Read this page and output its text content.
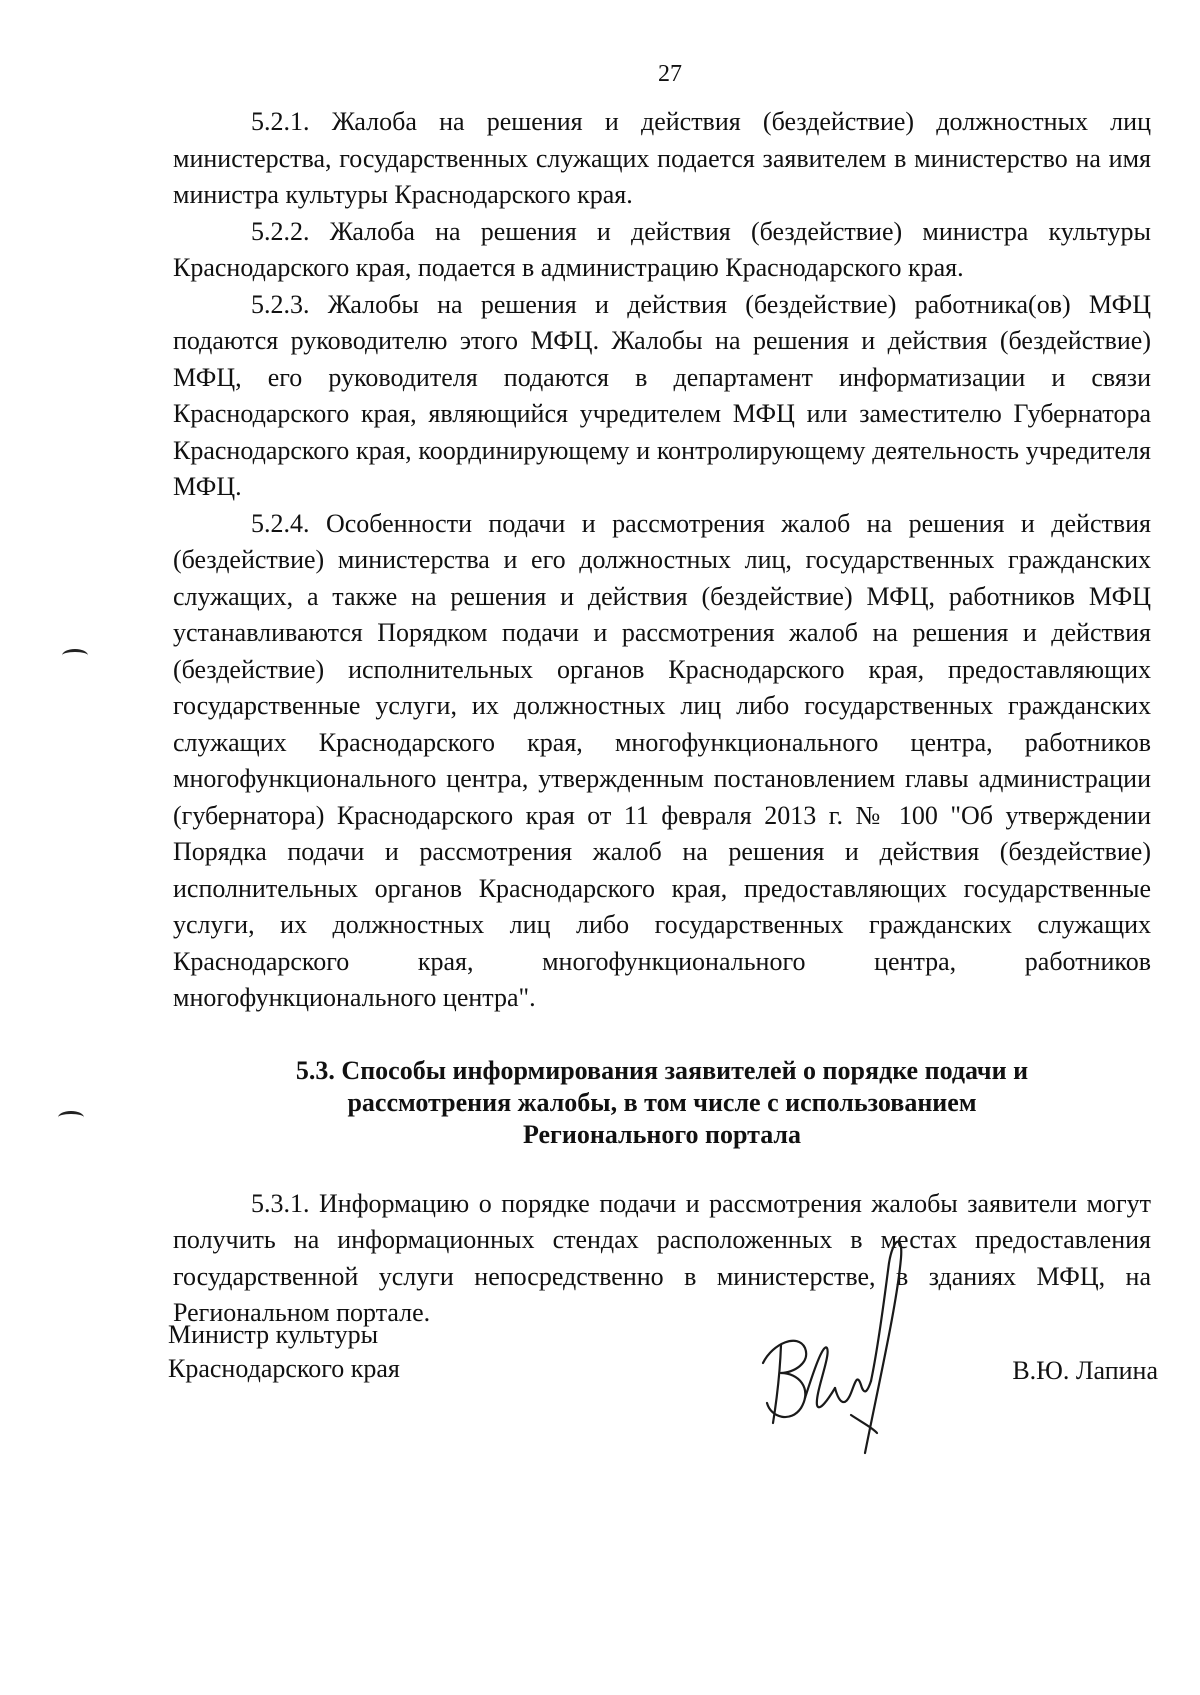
27

5.2.1. Жалоба на решения и действия (бездействие) должностных лиц министерства, государственных служащих подается заявителем в министерство на имя министра культуры Краснодарского края.

5.2.2. Жалоба на решения и действия (бездействие) министра культуры Краснодарского края, подается в администрацию Краснодарского края.

5.2.3. Жалобы на решения и действия (бездействие) работника(ов) МФЦ подаются руководителю этого МФЦ. Жалобы на решения и действия (бездействие) МФЦ, его руководителя подаются в департамент информатизации и связи Краснодарского края, являющийся учредителем МФЦ или заместителю Губернатора Краснодарского края, координирующему и контролирующему деятельность учредителя МФЦ.

5.2.4. Особенности подачи и рассмотрения жалоб на решения и действия (бездействие) министерства и его должностных лиц, государственных гражданских служащих, а также на решения и действия (бездействие) МФЦ, работников МФЦ устанавливаются Порядком подачи и рассмотрения жалоб на решения и действия (бездействие) исполнительных органов Краснодарского края, предоставляющих государственные услуги, их должностных лиц либо государственных гражданских служащих Краснодарского края, многофункционального центра, работников многофункционального центра, утвержденным постановлением главы администрации (губернатора) Краснодарского края от 11 февраля 2013 г. № 100 "Об утверждении Порядка подачи и рассмотрения жалоб на решения и действия (бездействие) исполнительных органов Краснодарского края, предоставляющих государственные услуги, их должностных лиц либо государственных гражданских служащих Краснодарского края, многофункционального центра, работников многофункционального центра".

5.3. Способы информирования заявителей о порядке подачи и
рассмотрения жалобы, в том числе с использованием
Регионального портала

5.3.1. Информацию о порядке подачи и рассмотрения жалобы заявители могут получить на информационных стендах расположенных в местах предоставления государственной услуги непосредственно в министерстве, в зданиях МФЦ, на Региональном портале.

Министр культуры
Краснодарского края	В.Ю. Лапина
